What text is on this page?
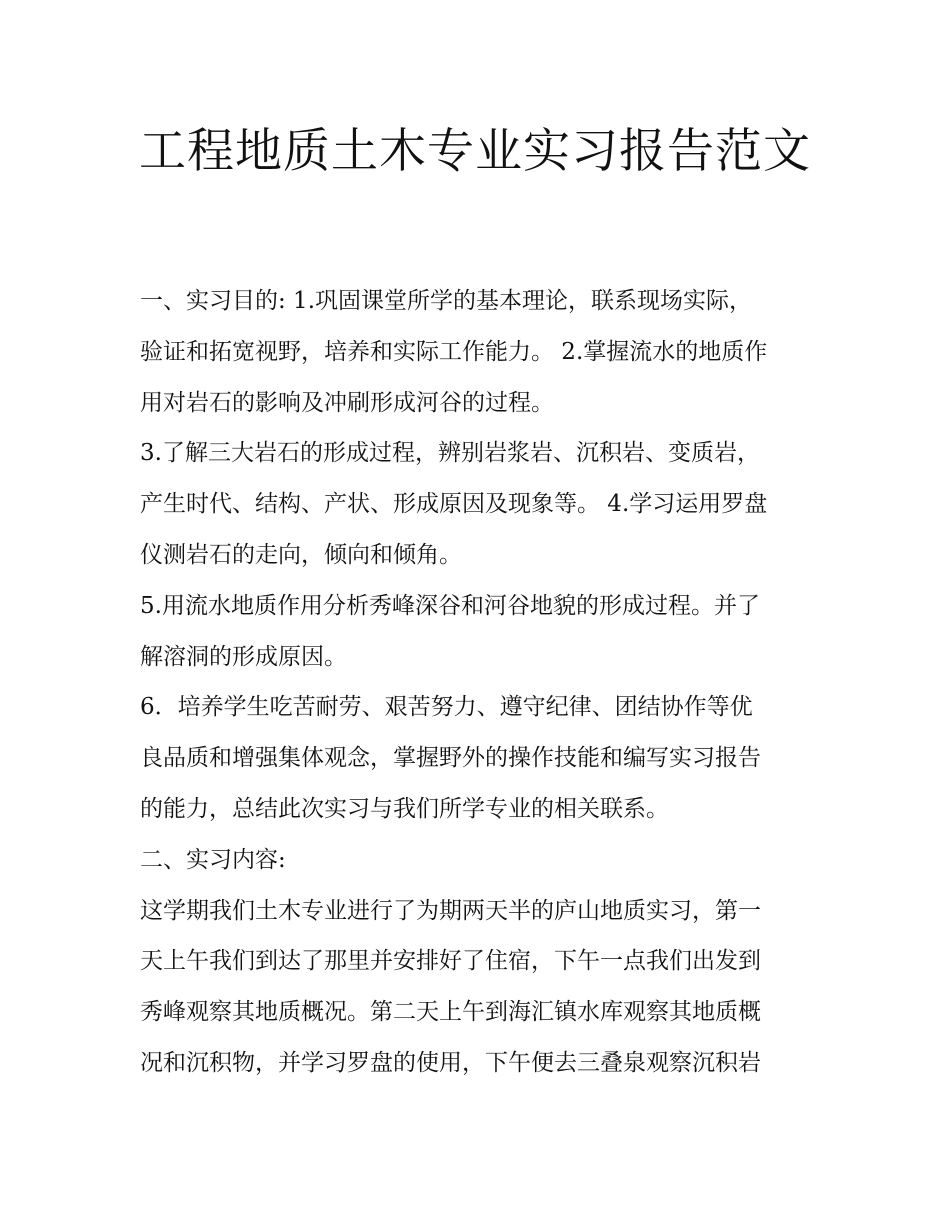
工程地质土木专业实习报告范文
一、实习目的: 1.巩固课堂所学的基本理论，联系现场实际，
验证和拓宽视野，培养和实际工作能力。 2.掌握流水的地质作
用对岩石的影响及冲刷形成河谷的过程。
3.了解三大岩石的形成过程，辨别岩浆岩、沉积岩、变质岩，
产生时代、结构、产状、形成原因及现象等。 4.学习运用罗盘
仪测岩石的走向，倾向和倾角。
5.用流水地质作用分析秀峰深谷和河谷地貌的形成过程。并了
解溶洞的形成原因。
6．培养学生吃苦耐劳、艰苦努力、遵守纪律、团结协作等优
良品质和增强集体观念，掌握野外的操作技能和编写实习报告
的能力，总结此次实习与我们所学专业的相关联系。
二、实习内容:
这学期我们土木专业进行了为期两天半的庐山地质实习，第一
天上午我们到达了那里并安排好了住宿，下午一点我们出发到
秀峰观察其地质概况。第二天上午到海汇镇水库观察其地质概
况和沉积物，并学习罗盘的使用，下午便去三叠泉观察沉积岩
